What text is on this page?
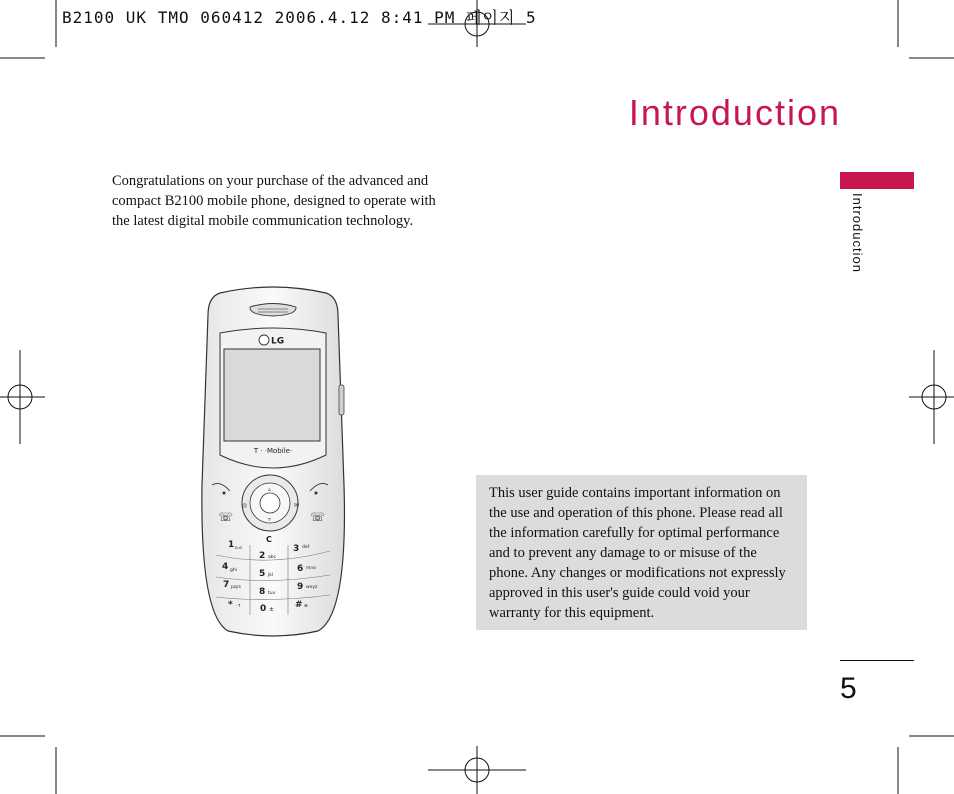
B2100 UK TMO 060412 2006.4.12 8:41 PM 페이지 5
Introduction
Introduction
Congratulations on your purchase of the advanced and compact B2100 mobile phone, designed to operate with the latest digital mobile communication technology.
LG
T · ·Mobile·
☏	☏
◎	✉
▵
▿
C
1 o.o
2 abc
3 def
4 ghi 5 jkl
6 mno
7 pqrs 8 tuv
9 wxyz
* ·↑ 0 ± # ⊕
This user guide contains important information on the use and operation of this phone. Please read all the information carefully for optimal performance and to prevent any damage to or misuse of the phone. Any changes or modifications not expressly approved in this user's guide could void your warranty for this equipment.
5
